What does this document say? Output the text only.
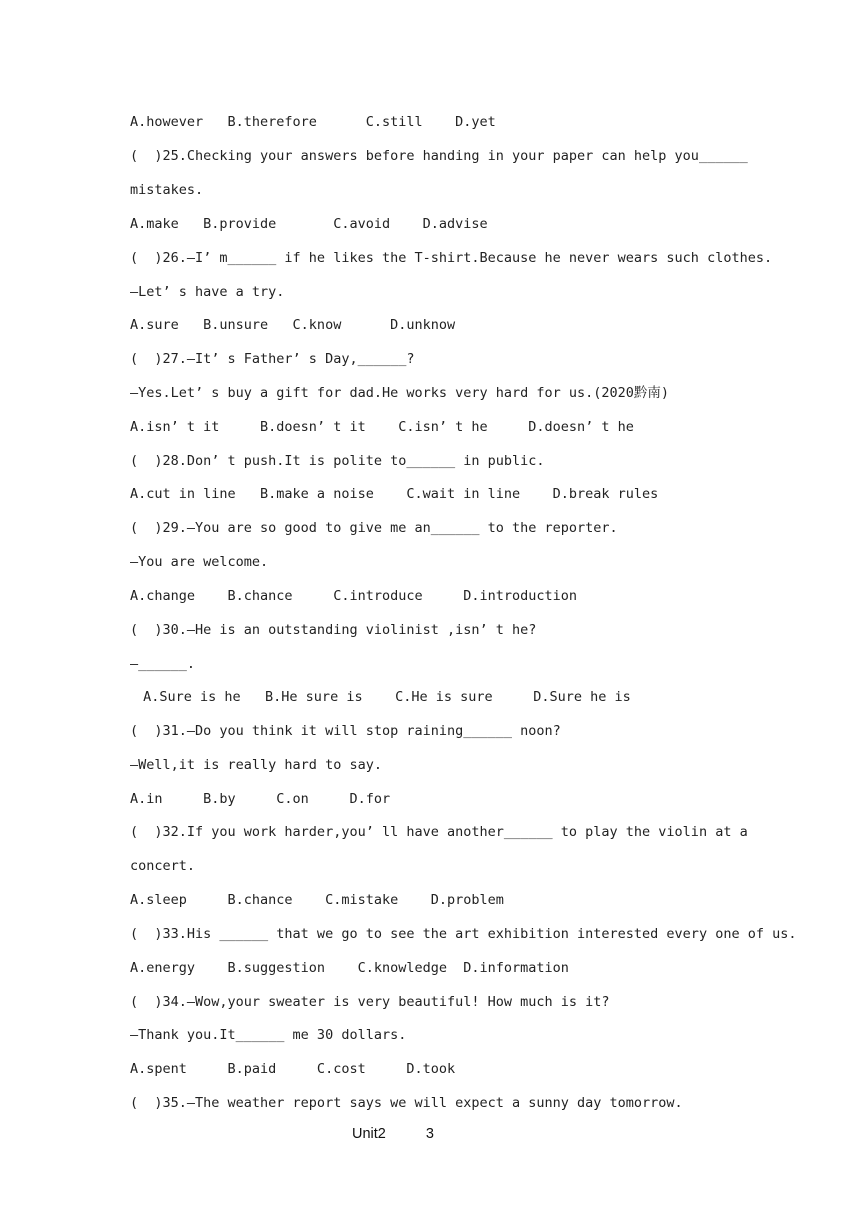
A.however   B.therefore      C.still    D.yet
(  )25.Checking your answers before handing in your paper can help you______
mistakes.
A.make   B.provide       C.avoid    D.advise
(  )26.—I’ m______ if he likes the T-shirt.Because he never wears such clothes.
—Let’ s have a try.
A.sure   B.unsure   C.know      D.unknow
(  )27.—It’ s Father’ s Day,______?
—Yes.Let’ s buy a gift for dad.He works very hard for us.(2020黔南)
A.isn’ t it     B.doesn’ t it    C.isn’ t he     D.doesn’ t he
(  )28.Don’ t push.It is polite to______ in public.
A.cut in line   B.make a noise    C.wait in line    D.break rules
(  )29.—You are so good to give me an______ to the reporter.
—You are welcome.
A.change    B.chance     C.introduce     D.introduction
(  )30.—He is an outstanding violinist ,isn’ t he?
—______.
A.Sure is he   B.He sure is    C.He is sure     D.Sure he is
(  )31.—Do you think it will stop raining______ noon?
—Well,it is really hard to say.
A.in     B.by     C.on     D.for
(  )32.If you work harder,you’ ll have another______ to play the violin at a
concert.
A.sleep     B.chance    C.mistake    D.problem
(  )33.His ______ that we go to see the art exhibition interested every one of us.
A.energy    B.suggestion    C.knowledge  D.information
(  )34.—Wow,your sweater is very beautiful! How much is it?
—Thank you.It______ me 30 dollars.
A.spent     B.paid     C.cost     D.took
(  )35.—The weather report says we will expect a sunny day tomorrow.
Unit2	3
